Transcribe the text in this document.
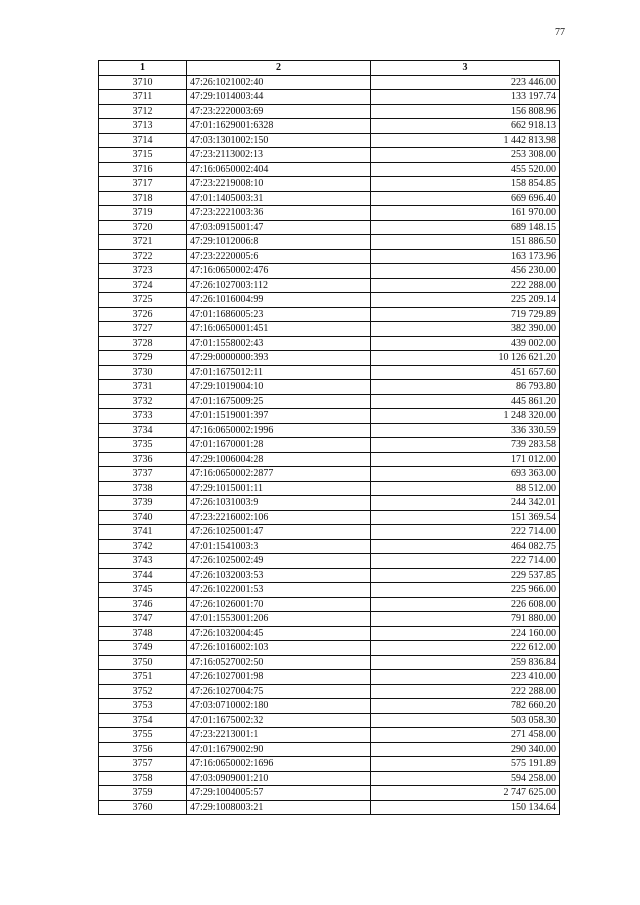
77
1	2	3
3710	47:26:1021002:40	223 446.00
3711	47:29:1014003:44	133 197.74
3712	47:23:2220003:69	156 808.96
3713	47:01:1629001:6328	662 918.13
3714	47:03:1301002:150	1 442 813.98
3715	47:23:2113002:13	253 308.00
3716	47:16:0650002:404	455 520.00
3717	47:23:2219008:10	158 854.85
3718	47:01:1405003:31	669 696.40
3719	47:23:2221003:36	161 970.00
3720	47:03:0915001:47	689 148.15
3721	47:29:1012006:8	151 886.50
3722	47:23:2220005:6	163 173.96
3723	47:16:0650002:476	456 230.00
3724	47:26:1027003:112	222 288.00
3725	47:26:1016004:99	225 209.14
3726	47:01:1686005:23	719 729.89
3727	47:16:0650001:451	382 390.00
3728	47:01:1558002:43	439 002.00
3729	47:29:0000000:393	10 126 621.20
3730	47:01:1675012:11	451 657.60
3731	47:29:1019004:10	86 793.80
3732	47:01:1675009:25	445 861.20
3733	47:01:1519001:397	1 248 320.00
3734	47:16:0650002:1996	336 330.59
3735	47:01:1670001:28	739 283.58
3736	47:29:1006004:28	171 012.00
3737	47:16:0650002:2877	693 363.00
3738	47:29:1015001:11	88 512.00
3739	47:26:1031003:9	244 342.01
3740	47:23:2216002:106	151 369.54
3741	47:26:1025001:47	222 714.00
3742	47:01:1541003:3	464 082.75
3743	47:26:1025002:49	222 714.00
3744	47:26:1032003:53	229 537.85
3745	47:26:1022001:53	225 966.00
3746	47:26:1026001:70	226 608.00
3747	47:01:1553001:206	791 880.00
3748	47:26:1032004:45	224 160.00
3749	47:26:1016002:103	222 612.00
3750	47:16:0527002:50	259 836.84
3751	47:26:1027001:98	223 410.00
3752	47:26:1027004:75	222 288.00
3753	47:03:0710002:180	782 660.20
3754	47:01:1675002:32	503 058.30
3755	47:23:2213001:1	271 458.00
3756	47:01:1679002:90	290 340.00
3757	47:16:0650002:1696	575 191.89
3758	47:03:0909001:210	594 258.00
3759	47:29:1004005:57	2 747 625.00
3760	47:29:1008003:21	150 134.64
